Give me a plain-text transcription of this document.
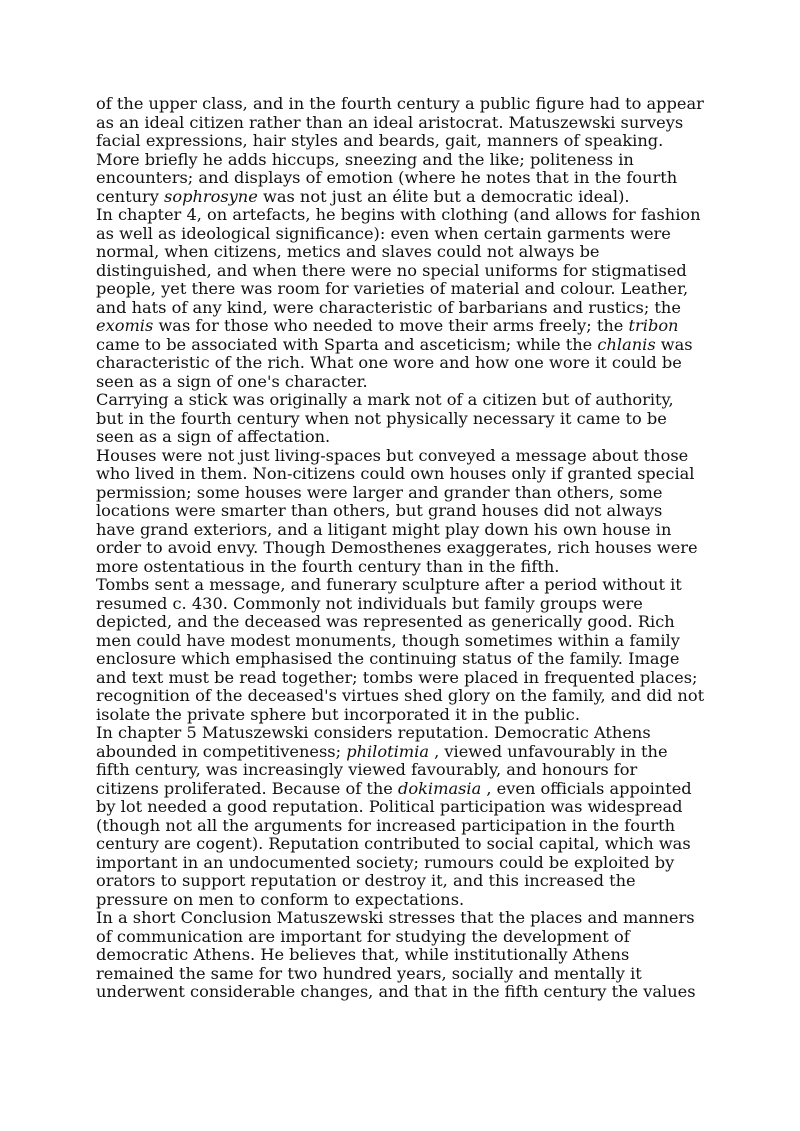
of the upper class, and in the fourth century a public figure had to appear
as an ideal citizen rather than an ideal aristocrat. Matuszewski surveys
facial expressions, hair styles and beards, gait, manners of speaking.
More briefly he adds hiccups, sneezing and the like; politeness in
encounters; and displays of emotion (where he notes that in the fourth
century sophrosyne was not just an élite but a democratic ideal).

In chapter 4, on artefacts, he begins with clothing (and allows for fashion
as well as ideological significance): even when certain garments were
normal, when citizens, metics and slaves could not always be
distinguished, and when there were no special uniforms for stigmatised
people, yet there was room for varieties of material and colour. Leather,
and hats of any kind, were characteristic of barbarians and rustics; the
exomis was for those who needed to move their arms freely; the tribon
came to be associated with Sparta and asceticism; while the chlanis was
characteristic of the rich. What one wore and how one wore it could be
seen as a sign of one's character.

Carrying a stick was originally a mark not of a citizen but of authority,
but in the fourth century when not physically necessary it came to be
seen as a sign of affectation.

Houses were not just living-spaces but conveyed a message about those
who lived in them. Non-citizens could own houses only if granted special
permission; some houses were larger and grander than others, some
locations were smarter than others, but grand houses did not always
have grand exteriors, and a litigant might play down his own house in
order to avoid envy. Though Demosthenes exaggerates, rich houses were
more ostentatious in the fourth century than in the fifth.

Tombs sent a message, and funerary sculpture after a period without it
resumed c. 430. Commonly not individuals but family groups were
depicted, and the deceased was represented as generically good. Rich
men could have modest monuments, though sometimes within a family
enclosure which emphasised the continuing status of the family. Image
and text must be read together; tombs were placed in frequented places;
recognition of the deceased's virtues shed glory on the family, and did not
isolate the private sphere but incorporated it in the public.

In chapter 5 Matuszewski considers reputation. Democratic Athens
abounded in competitiveness; philotimia , viewed unfavourably in the
fifth century, was increasingly viewed favourably, and honours for
citizens proliferated. Because of the dokimasia , even officials appointed
by lot needed a good reputation. Political participation was widespread
(though not all the arguments for increased participation in the fourth
century are cogent). Reputation contributed to social capital, which was
important in an undocumented society; rumours could be exploited by
orators to support reputation or destroy it, and this increased the
pressure on men to conform to expectations.

In a short Conclusion Matuszewski stresses that the places and manners
of communication are important for studying the development of
democratic Athens. He believes that, while institutionally Athens
remained the same for two hundred years, socially and mentally it
underwent considerable changes, and that in the fifth century the values
